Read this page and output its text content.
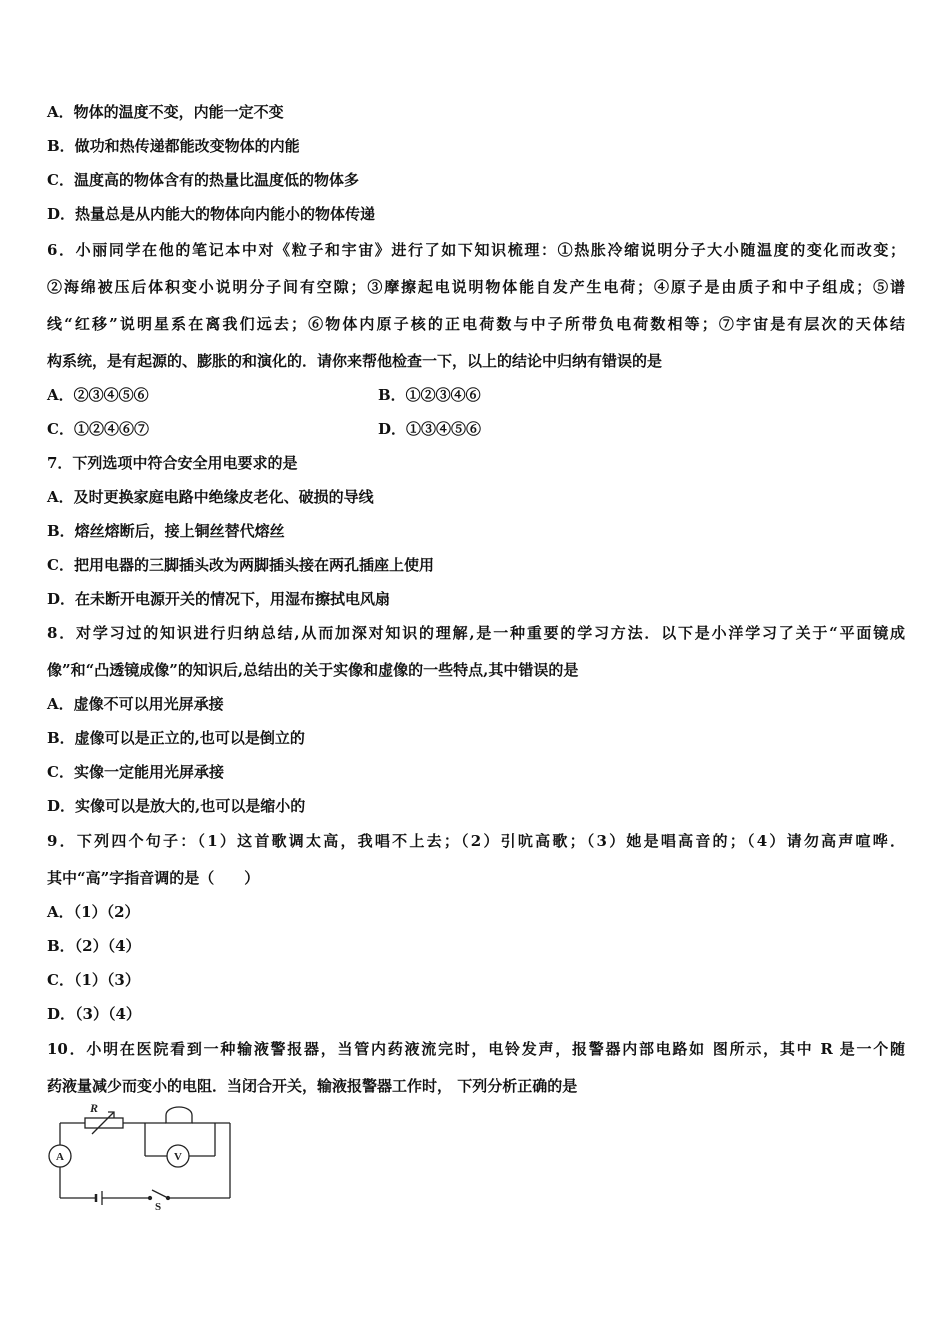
A．物体的温度不变，内能一定不变
B．做功和热传递都能改变物体的内能
C．温度高的物体含有的热量比温度低的物体多
D．热量总是从内能大的物体向内能小的物体传递
6．小丽同学在他的笔记本中对《粒子和宇宙》进行了如下知识梳理：①热胀冷缩说明分子大小随温度的变化而改变；
②海绵被压后体积变小说明分子间有空隙；③摩擦起电说明物体能自发产生电荷；④原子是由质子和中子组成；⑤谱
线“红移”说明星系在离我们远去；⑥物体内原子核的正电荷数与中子所带负电荷数相等；⑦宇宙是有层次的天体结
构系统，是有起源的、膨胀的和演化的．请你来帮他检查一下，以上的结论中归纳有错误的是
A．②③④⑤⑥	B．①②③④⑥
C．①②④⑥⑦	D．①③④⑤⑥
7．下列选项中符合安全用电要求的是
A．及时更换家庭电路中绝缘皮老化、破损的导线
B．熔丝熔断后，接上铜丝替代熔丝
C．把用电器的三脚插头改为两脚插头接在两孔插座上使用
D．在未断开电源开关的情况下，用湿布擦拭电风扇
8．对学习过的知识进行归纳总结,从而加深对知识的理解,是一种重要的学习方法．以下是小洋学习了关于“平面镜成
像”和“凸透镜成像”的知识后,总结出的关于实像和虚像的一些特点,其中错误的是
A．虚像不可以用光屏承接
B．虚像可以是正立的,也可以是倒立的
C．实像一定能用光屏承接
D．实像可以是放大的,也可以是缩小的
9．下列四个句子：（1）这首歌调太高，我唱不上去；（2）引吭高歌；（3）她是唱高音的；（4）请勿高声喧哗．
其中“高”字指音调的是（　　）
A．（1）（2）
B．（2）（4）
C．（1）（3）
D．（3）（4）
10．小明在医院看到一种输液警报器，当管内药液流完时，电铃发声，报警器内部电路如 图所示，其中 R 是一个随
药液量减少而变小的电阻．当闭合开关，输液报警器工作时， 下列分析正确的是
R
A	V
S
